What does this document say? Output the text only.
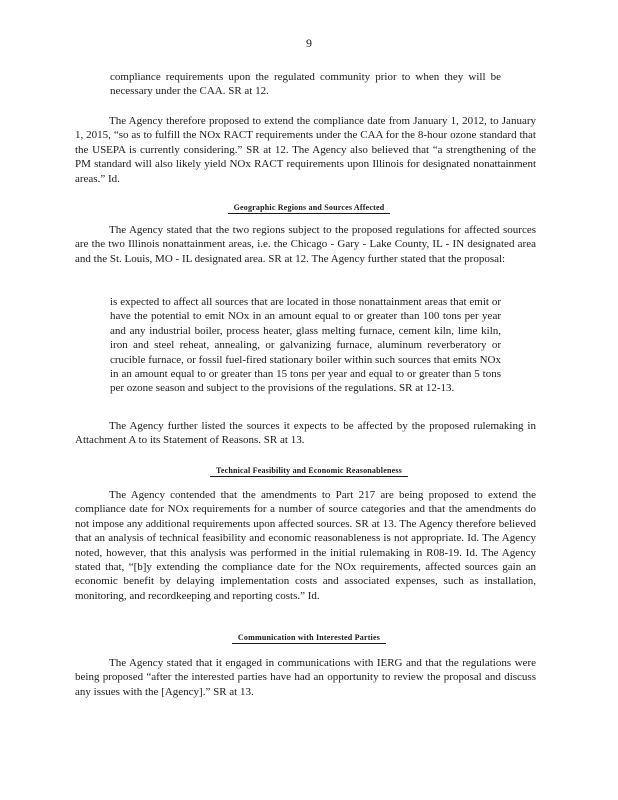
9

compliance requirements upon the regulated community prior to when they will be necessary under the CAA. SR at 12.

The Agency therefore proposed to extend the compliance date from January 1, 2012, to January 1, 2015, “so as to fulfill the NOx RACT requirements under the CAA for the 8-hour ozone standard that the USEPA is currently considering.” SR at 12. The Agency also believed that “a strengthening of the PM standard will also likely yield NOx RACT requirements upon Illinois for designated nonattainment areas.” Id.

Geographic Regions and Sources Affected

The Agency stated that the two regions subject to the proposed regulations for affected sources are the two Illinois nonattainment areas, i.e. the Chicago - Gary - Lake County, IL - IN designated area and the St. Louis, MO - IL designated area. SR at 12. The Agency further stated that the proposal:

is expected to affect all sources that are located in those nonattainment areas that emit or have the potential to emit NOx in an amount equal to or greater than 100 tons per year and any industrial boiler, process heater, glass melting furnace, cement kiln, lime kiln, iron and steel reheat, annealing, or galvanizing furnace, aluminum reverberatory or crucible furnace, or fossil fuel-fired stationary boiler within such sources that emits NOx in an amount equal to or greater than 15 tons per year and equal to or greater than 5 tons per ozone season and subject to the provisions of the regulations. SR at 12-13.

The Agency further listed the sources it expects to be affected by the proposed rulemaking in Attachment A to its Statement of Reasons. SR at 13.

Technical Feasibility and Economic Reasonableness

The Agency contended that the amendments to Part 217 are being proposed to extend the compliance date for NOx requirements for a number of source categories and that the amendments do not impose any additional requirements upon affected sources. SR at 13. The Agency therefore believed that an analysis of technical feasibility and economic reasonableness is not appropriate. Id. The Agency noted, however, that this analysis was performed in the initial rulemaking in R08-19. Id. The Agency stated that, “[b]y extending the compliance date for the NOx requirements, affected sources gain an economic benefit by delaying implementation costs and associated expenses, such as installation, monitoring, and recordkeeping and reporting costs.” Id.

Communication with Interested Parties

The Agency stated that it engaged in communications with IERG and that the regulations were being proposed “after the interested parties have had an opportunity to review the proposal and discuss any issues with the [Agency].” SR at 13.
